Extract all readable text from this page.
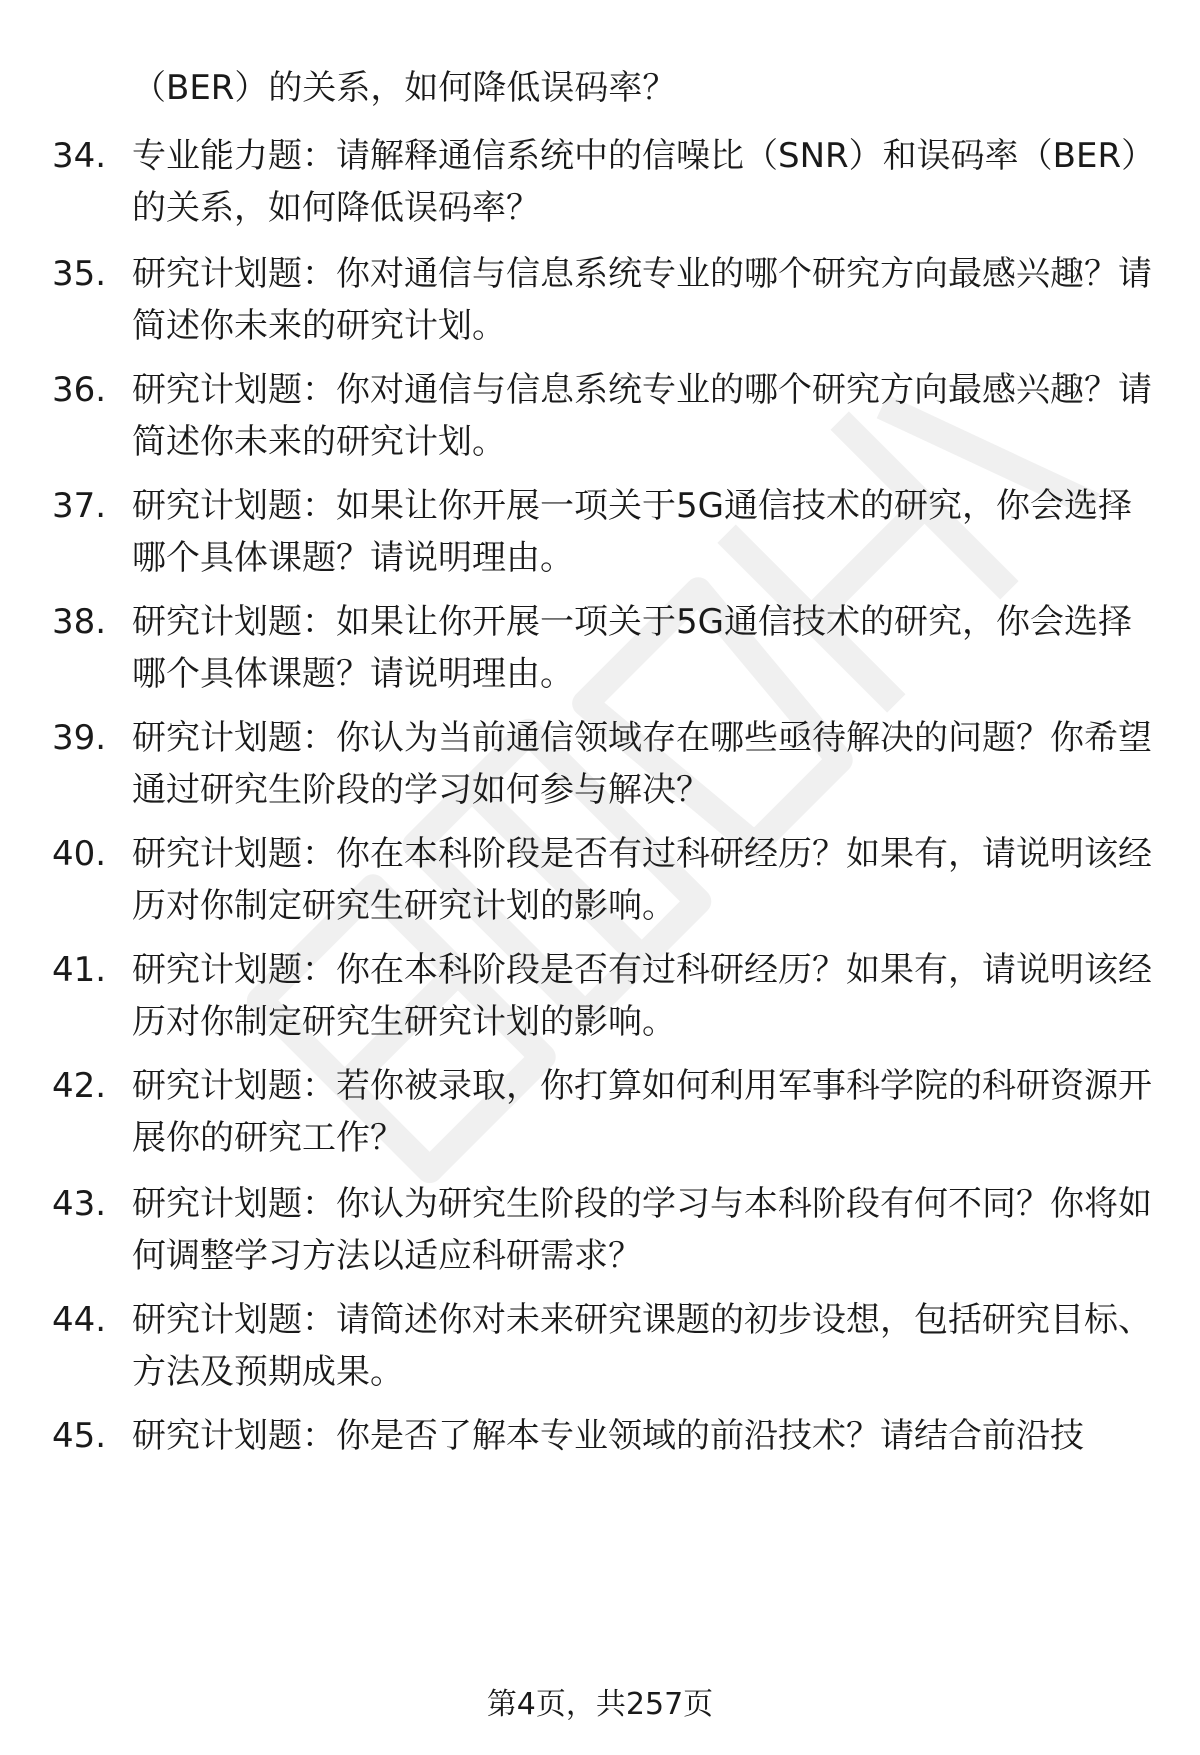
（BER）的关系，如何降低误码率？

34. 专业能力题：请解释通信系统中的信噪比（SNR）和误码率（BER）的关系，如何降低误码率？
35. 研究计划题：你对通信与信息系统专业的哪个研究方向最感兴趣？请简述你未来的研究计划。
36. 研究计划题：你对通信与信息系统专业的哪个研究方向最感兴趣？请简述你未来的研究计划。
37. 研究计划题：如果让你开展一项关于5G通信技术的研究，你会选择哪个具体课题？请说明理由。
38. 研究计划题：如果让你开展一项关于5G通信技术的研究，你会选择哪个具体课题？请说明理由。
39. 研究计划题：你认为当前通信领域存在哪些亟待解决的问题？你希望通过研究生阶段的学习如何参与解决？
40. 研究计划题：你在本科阶段是否有过科研经历？如果有，请说明该经历对你制定研究生研究计划的影响。
41. 研究计划题：你在本科阶段是否有过科研经历？如果有，请说明该经历对你制定研究生研究计划的影响。
42. 研究计划题：若你被录取，你打算如何利用军事科学院的科研资源开展你的研究工作？
43. 研究计划题：你认为研究生阶段的学习与本科阶段有何不同？你将如何调整学习方法以适应科研需求？
44. 研究计划题：请简述你对未来研究课题的初步设想，包括研究目标、方法及预期成果。
45. 研究计划题：你是否了解本专业领域的前沿技术？请结合前沿技
第4页，共257页
